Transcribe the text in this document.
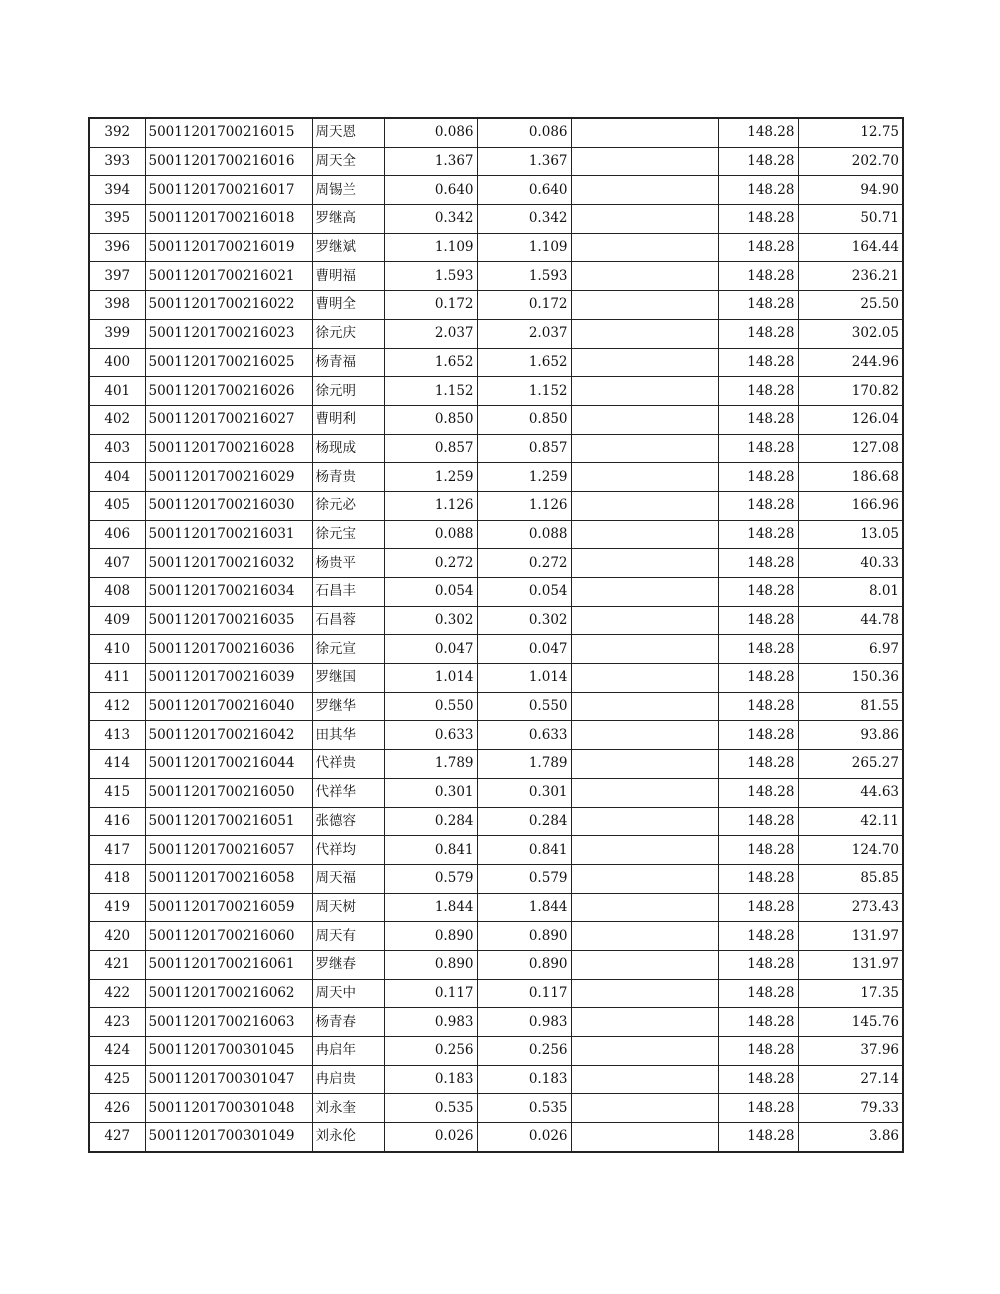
392	50011201700216015	周天恩	0.086	0.086		148.28	12.75
393	50011201700216016	周天全	1.367	1.367		148.28	202.70
394	50011201700216017	周锡兰	0.640	0.640		148.28	94.90
395	50011201700216018	罗继高	0.342	0.342		148.28	50.71
396	50011201700216019	罗继斌	1.109	1.109		148.28	164.44
397	50011201700216021	曹明福	1.593	1.593		148.28	236.21
398	50011201700216022	曹明全	0.172	0.172		148.28	25.50
399	50011201700216023	徐元庆	2.037	2.037		148.28	302.05
400	50011201700216025	杨青福	1.652	1.652		148.28	244.96
401	50011201700216026	徐元明	1.152	1.152		148.28	170.82
402	50011201700216027	曹明利	0.850	0.850		148.28	126.04
403	50011201700216028	杨现成	0.857	0.857		148.28	127.08
404	50011201700216029	杨青贵	1.259	1.259		148.28	186.68
405	50011201700216030	徐元必	1.126	1.126		148.28	166.96
406	50011201700216031	徐元宝	0.088	0.088		148.28	13.05
407	50011201700216032	杨贵平	0.272	0.272		148.28	40.33
408	50011201700216034	石昌丰	0.054	0.054		148.28	8.01
409	50011201700216035	石昌蓉	0.302	0.302		148.28	44.78
410	50011201700216036	徐元宣	0.047	0.047		148.28	6.97
411	50011201700216039	罗继国	1.014	1.014		148.28	150.36
412	50011201700216040	罗继华	0.550	0.550		148.28	81.55
413	50011201700216042	田其华	0.633	0.633		148.28	93.86
414	50011201700216044	代祥贵	1.789	1.789		148.28	265.27
415	50011201700216050	代祥华	0.301	0.301		148.28	44.63
416	50011201700216051	张德容	0.284	0.284		148.28	42.11
417	50011201700216057	代祥均	0.841	0.841		148.28	124.70
418	50011201700216058	周天福	0.579	0.579		148.28	85.85
419	50011201700216059	周天树	1.844	1.844		148.28	273.43
420	50011201700216060	周天有	0.890	0.890		148.28	131.97
421	50011201700216061	罗继春	0.890	0.890		148.28	131.97
422	50011201700216062	周天中	0.117	0.117		148.28	17.35
423	50011201700216063	杨青春	0.983	0.983		148.28	145.76
424	50011201700301045	冉启年	0.256	0.256		148.28	37.96
425	50011201700301047	冉启贵	0.183	0.183		148.28	27.14
426	50011201700301048	刘永奎	0.535	0.535		148.28	79.33
427	50011201700301049	刘永伦	0.026	0.026		148.28	3.86
